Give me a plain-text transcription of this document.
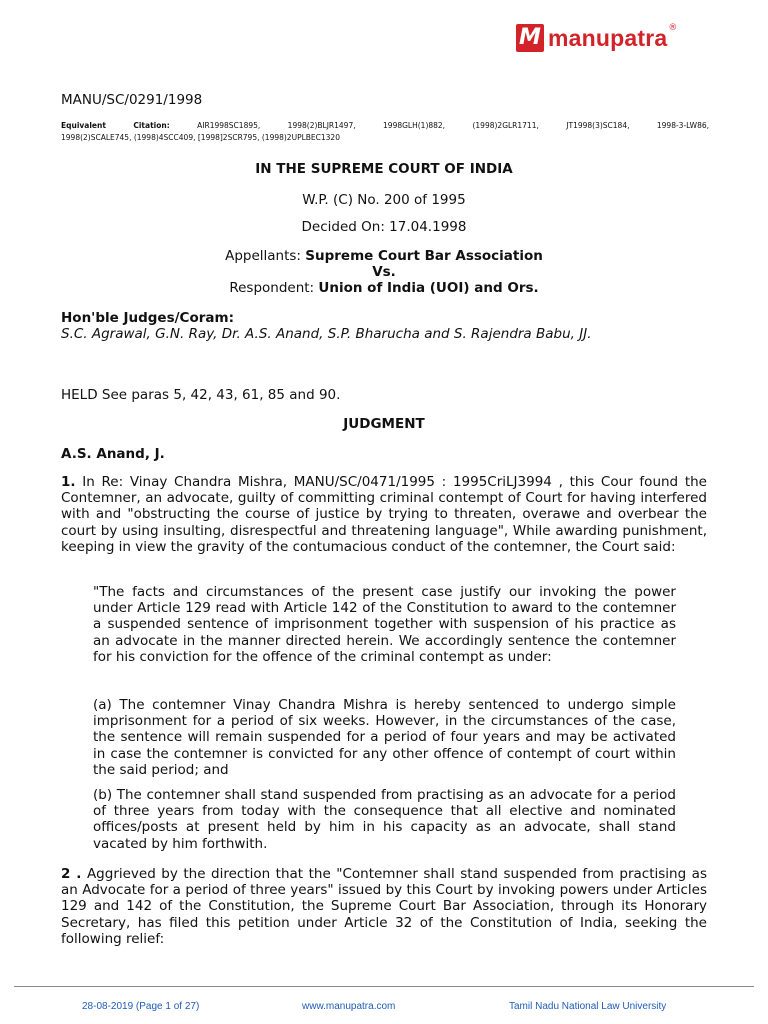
M manupatra ®
MANU/SC/0291/1998
Equivalent	Citation:	AIR1998SC1895, 1998(2)BLJR1497, 1998GLH(1)882, (1998)2GLR1711, JT1998(3)SC184, 1998-3-LW86,
1998(2)SCALE745, (1998)4SCC409, [1998]2SCR795, (1998)2UPLBEC1320
IN THE SUPREME COURT OF INDIA
W.P. (C) No. 200 of 1995
Decided On: 17.04.1998
Appellants: Supreme Court Bar Association
Vs.
Respondent: Union of India (UOI) and Ors.
Hon'ble Judges/Coram:
S.C. Agrawal, G.N. Ray, Dr. A.S. Anand, S.P. Bharucha and S. Rajendra Babu, JJ.
HELD See paras 5, 42, 43, 61, 85 and 90.
JUDGMENT
A.S. Anand, J.
1. In Re: Vinay Chandra Mishra, MANU/SC/0471/1995 : 1995CriLJ3994 , this Cour found the Contemner, an advocate, guilty of committing criminal contempt of Court for having interfered with and "obstructing the course of justice by trying to threaten, overawe and overbear the court by using insulting, disrespectful and threatening language", While awarding punishment, keeping in view the gravity of the contumacious conduct of the contemner, the Court said:
"The facts and circumstances of the present case justify our invoking the power under Article 129 read with Article 142 of the Constitution to award to the contemner a suspended sentence of imprisonment together with suspension of his practice as an advocate in the manner directed herein. We accordingly sentence the contemner for his conviction for the offence of the criminal contempt as under:
(a) The contemner Vinay Chandra Mishra is hereby sentenced to undergo simple imprisonment for a period of six weeks. However, in the circumstances of the case, the sentence will remain suspended for a period of four years and may be activated in case the contemner is convicted for any other offence of contempt of court within the said period; and
(b) The contemner shall stand suspended from practising as an advocate for a period of three years from today with the consequence that all elective and nominated offices/posts at present held by him in his capacity as an advocate, shall stand vacated by him forthwith.
2 . Aggrieved by the direction that the "Contemner shall stand suspended from practising as an Advocate for a period of three years" issued by this Court by invoking powers under Articles 129 and 142 of the Constitution, the Supreme Court Bar Association, through its Honorary Secretary, has filed this petition under Article 32 of the Constitution of India, seeking the following relief:
28-08-2019 (Page 1 of 27)	www.manupatra.com	Tamil Nadu National Law University
